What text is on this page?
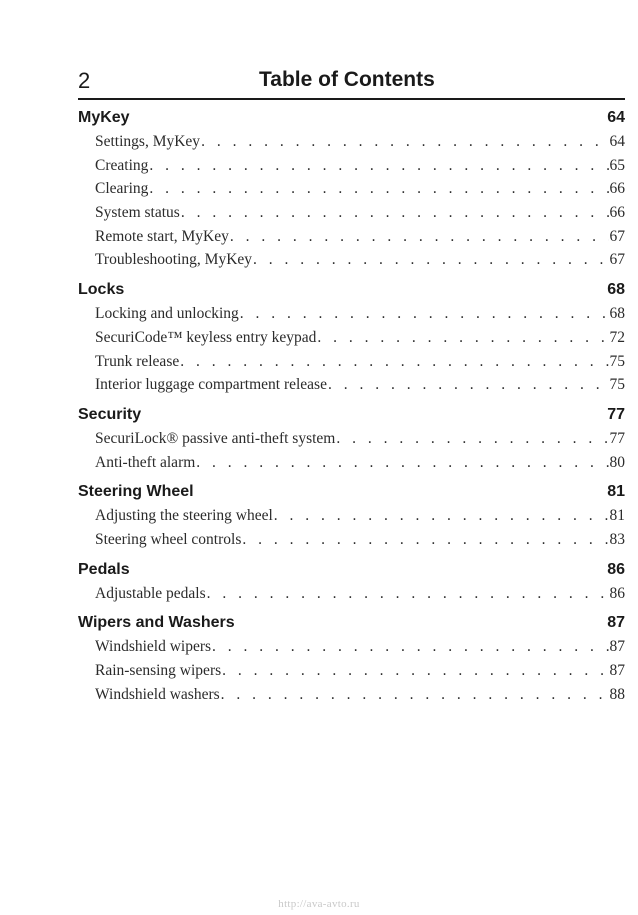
2	Table of Contents
MyKey	64
Settings, MyKey . . .	64
Creating . . .	65
Clearing . . .	66
System status . . .	66
Remote start, MyKey . . .	67
Troubleshooting, MyKey . . .	67
Locks	68
Locking and unlocking . . .	68
SecuriCode™ keyless entry keypad . . .	72
Trunk release . . .	75
Interior luggage compartment release . . .	75
Security	77
SecuriLock® passive anti-theft system . . .	77
Anti-theft alarm . . .	80
Steering Wheel	81
Adjusting the steering wheel . . .	81
Steering wheel controls . . .	83
Pedals	86
Adjustable pedals . . .	86
Wipers and Washers	87
Windshield wipers . . .	87
Rain-sensing wipers . . .	87
Windshield washers . . .	88
http://ava-avto.ru
